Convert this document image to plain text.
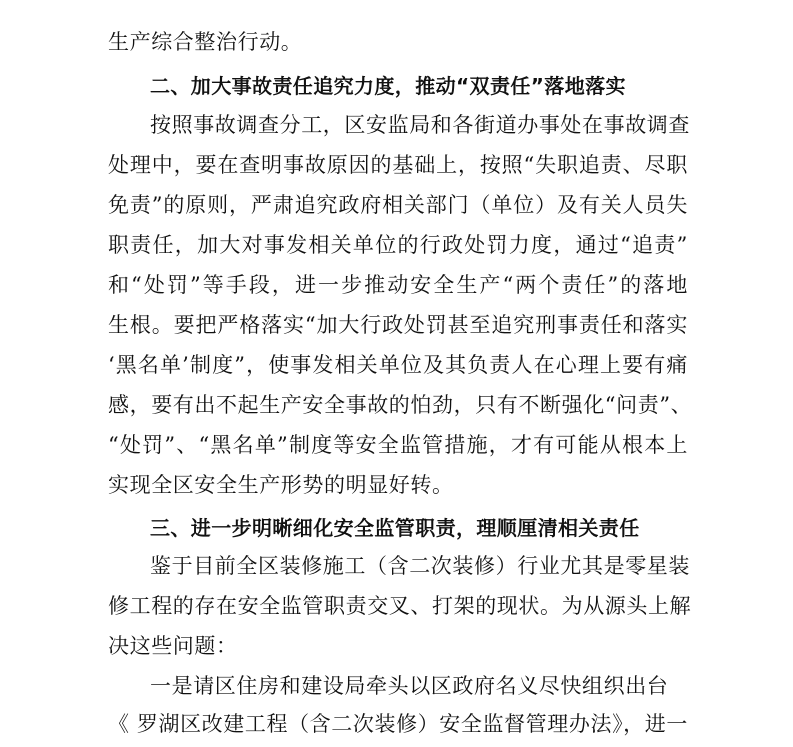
生产综合整治行动。
二、加大事故责任追究力度，推动“双责任”落地落实
按照事故调查分工，区安监局和各街道办事处在事故调查
处理中，要在查明事故原因的基础上，按照“失职追责、尽职
免责”的原则，严肃追究政府相关部门（单位）及有关人员失
职责任，加大对事发相关单位的行政处罚力度，通过“追责”
和“处罚”等手段，进一步推动安全生产“两个责任”的落地
生根。要把严格落实“加大行政处罚甚至追究刑事责任和落实
‘黑名单’制度”，使事发相关单位及其负责人在心理上要有痛
感，要有出不起生产安全事故的怕劲，只有不断强化“问责”、
“处罚”、“黑名单”制度等安全监管措施，才有可能从根本上
实现全区安全生产形势的明显好转。
三、进一步明晰细化安全监管职责，理顺厘清相关责任
鉴于目前全区装修施工（含二次装修）行业尤其是零星装
修工程的存在安全监管职责交叉、打架的现状。为从源头上解
决这些问题：
一是请区住房和建设局牵头以区政府名义尽快组织出台
《 罗湖区改建工程（含二次装修）安全监督管理办法》，进一
